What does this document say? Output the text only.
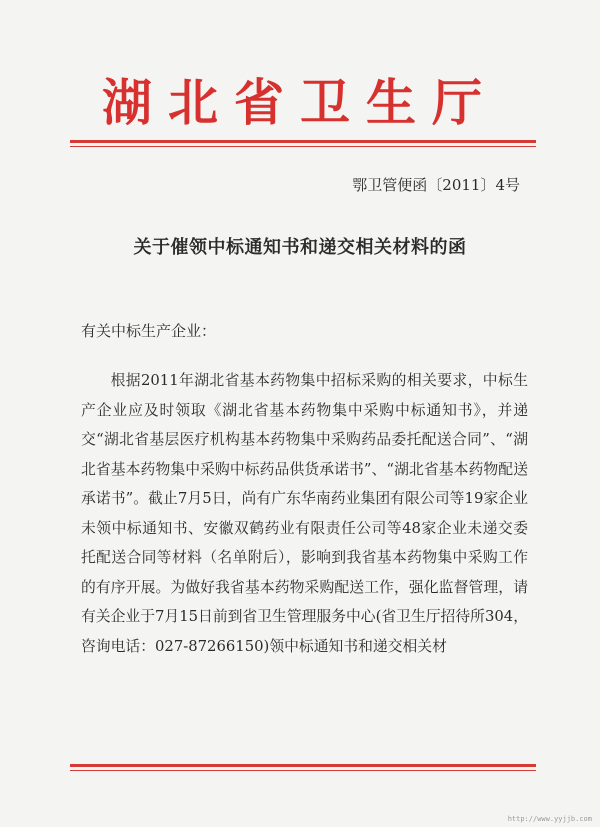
湖北省卫生厅
鄂卫管便函〔2011〕4号
关于催领中标通知书和递交相关材料的函
有关中标生产企业：

根据2011年湖北省基本药物集中招标采购的相关要求，中标生产企业应及时领取《湖北省基本药物集中采购中标通知书》，并递交“湖北省基层医疗机构基本药物集中采购药品委托配送合同”、“湖北省基本药物集中采购中标药品供货承诺书”、“湖北省基本药物配送承诺书”。截止7月5日，尚有广东华南药业集团有限公司等19家企业未领中标通知书、安徽双鹤药业有限责任公司等48家企业未递交委托配送合同等材料（名单附后），影响到我省基本药物集中采购工作的有序开展。为做好我省基本药物采购配送工作，强化监督管理，请有关企业于7月15日前到省卫生管理服务中心(省卫生厅招待所304，咨询电话：027-87266150)领中标通知书和递交相关材

http://www.yyjjb.com
